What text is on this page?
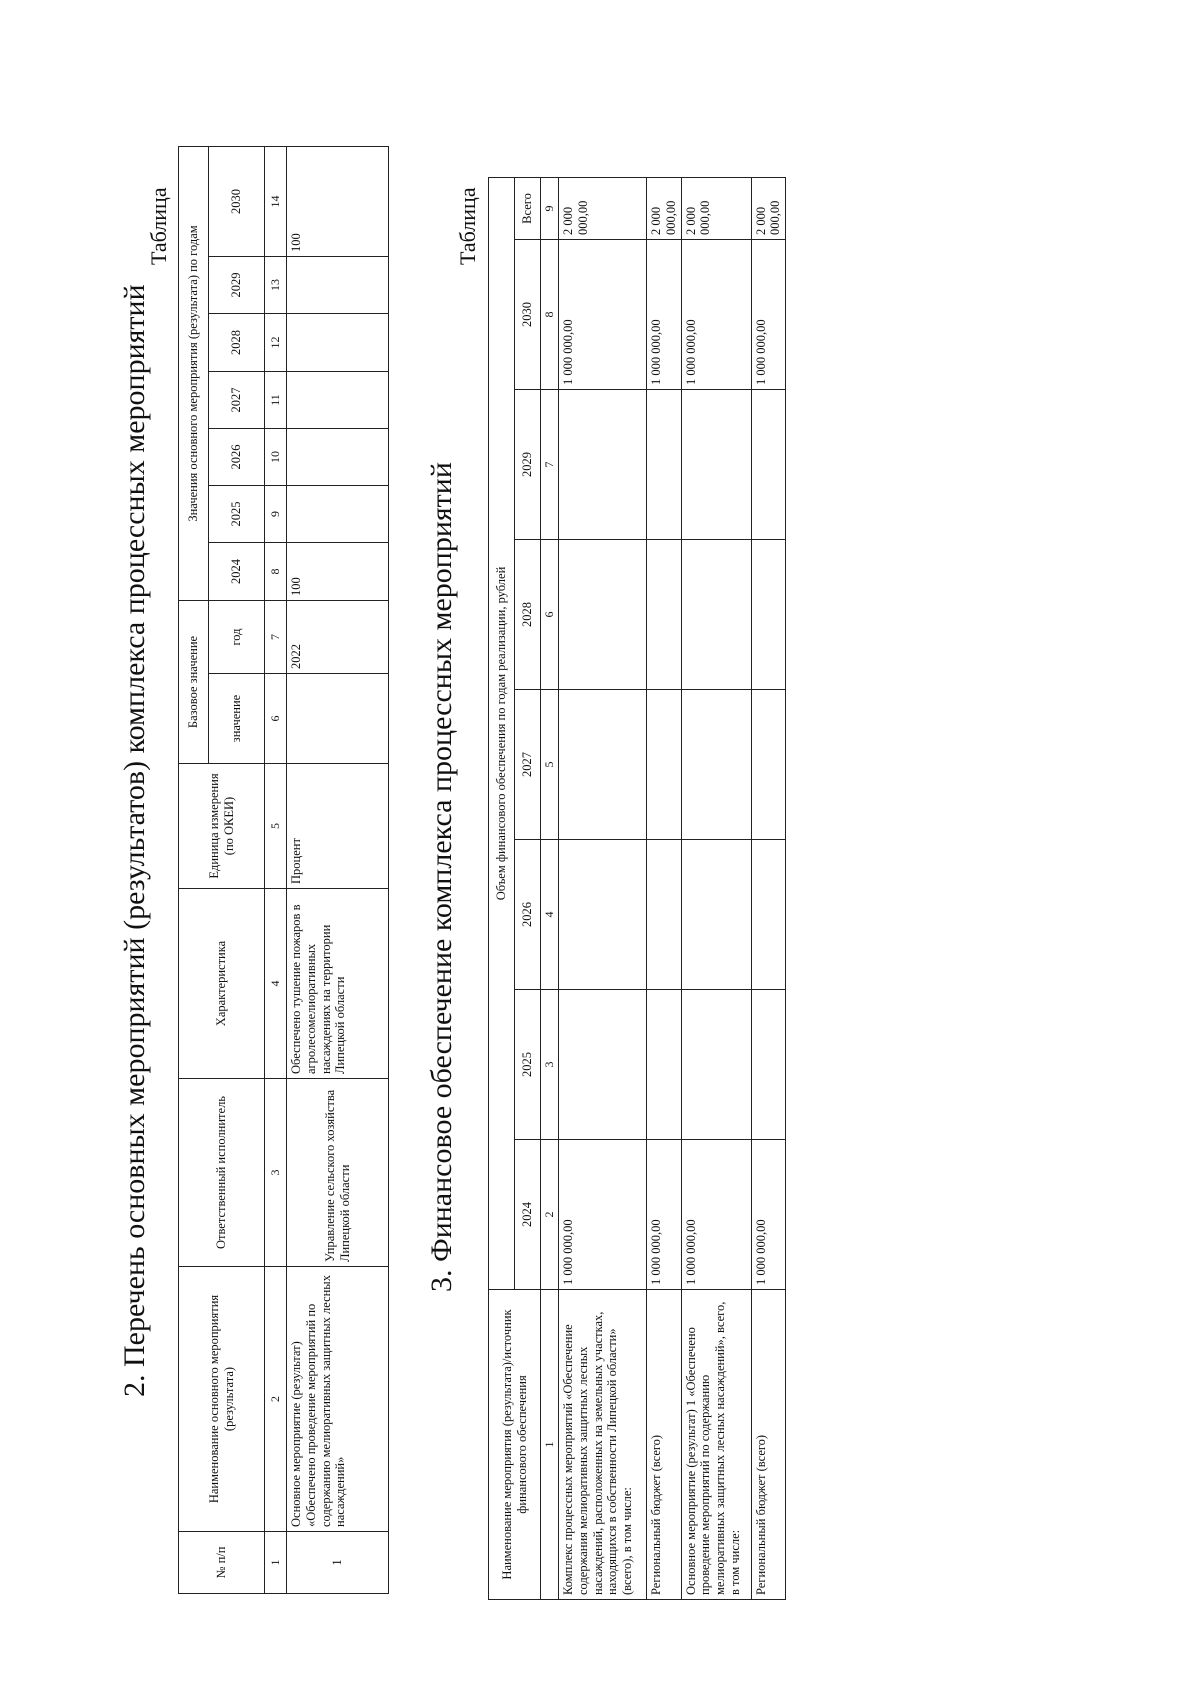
2. Перечень основных мероприятий (результатов) комплекса процессных мероприятий
Таблица
№ п/п	Наименование основного мероприятия (результата)	Ответственный исполнитель	Характеристика	Единица измерения (по ОКЕИ)	Базовое значение		Значения основного мероприятия (результата) по годам						
					значение	год	2024	2025	2026	2027	2028	2029	2030
1	2	3	4	5	6	7	8	9	10	11	12	13	14
1	Основное мероприятие (результат) «Обеспечено проведение мероприятий по содержанию мелиоративных защитных лесных насаждений»	Управление сельского хозяйства Липецкой области	Обеспечено тушение пожаров в агролесомелиоративных насаждениях на территории Липецкой области	Процент		2022	100						100
3. Финансовое обеспечение комплекса процессных мероприятий
Таблица
Наименование мероприятия (результата)/источник финансового обеспечения	Объем финансового обеспечения по годам реализации, рублей							
	2024	2025	2026	2027	2028	2029	2030	Всего
1	2	3	4	5	6	7	8	9
Комплекс процессных мероприятий «Обеспечение содержания мелиоративных защитных лесных насаждений, расположенных на земельных участках, находящихся в собственности Липецкой области» (всего), в том числе:	1 000 000,00						1 000 000,00	2 000 000,00
Региональный бюджет (всего)	1 000 000,00						1 000 000,00	2 000 000,00
Основное мероприятие (результат) 1 «Обеспечено проведение мероприятий по содержанию мелиоративных защитных лесных насаждений», всего, в том числе:	1 000 000,00						1 000 000,00	2 000 000,00
Региональный бюджет (всего)	1 000 000,00						1 000 000,00	2 000 000,00
